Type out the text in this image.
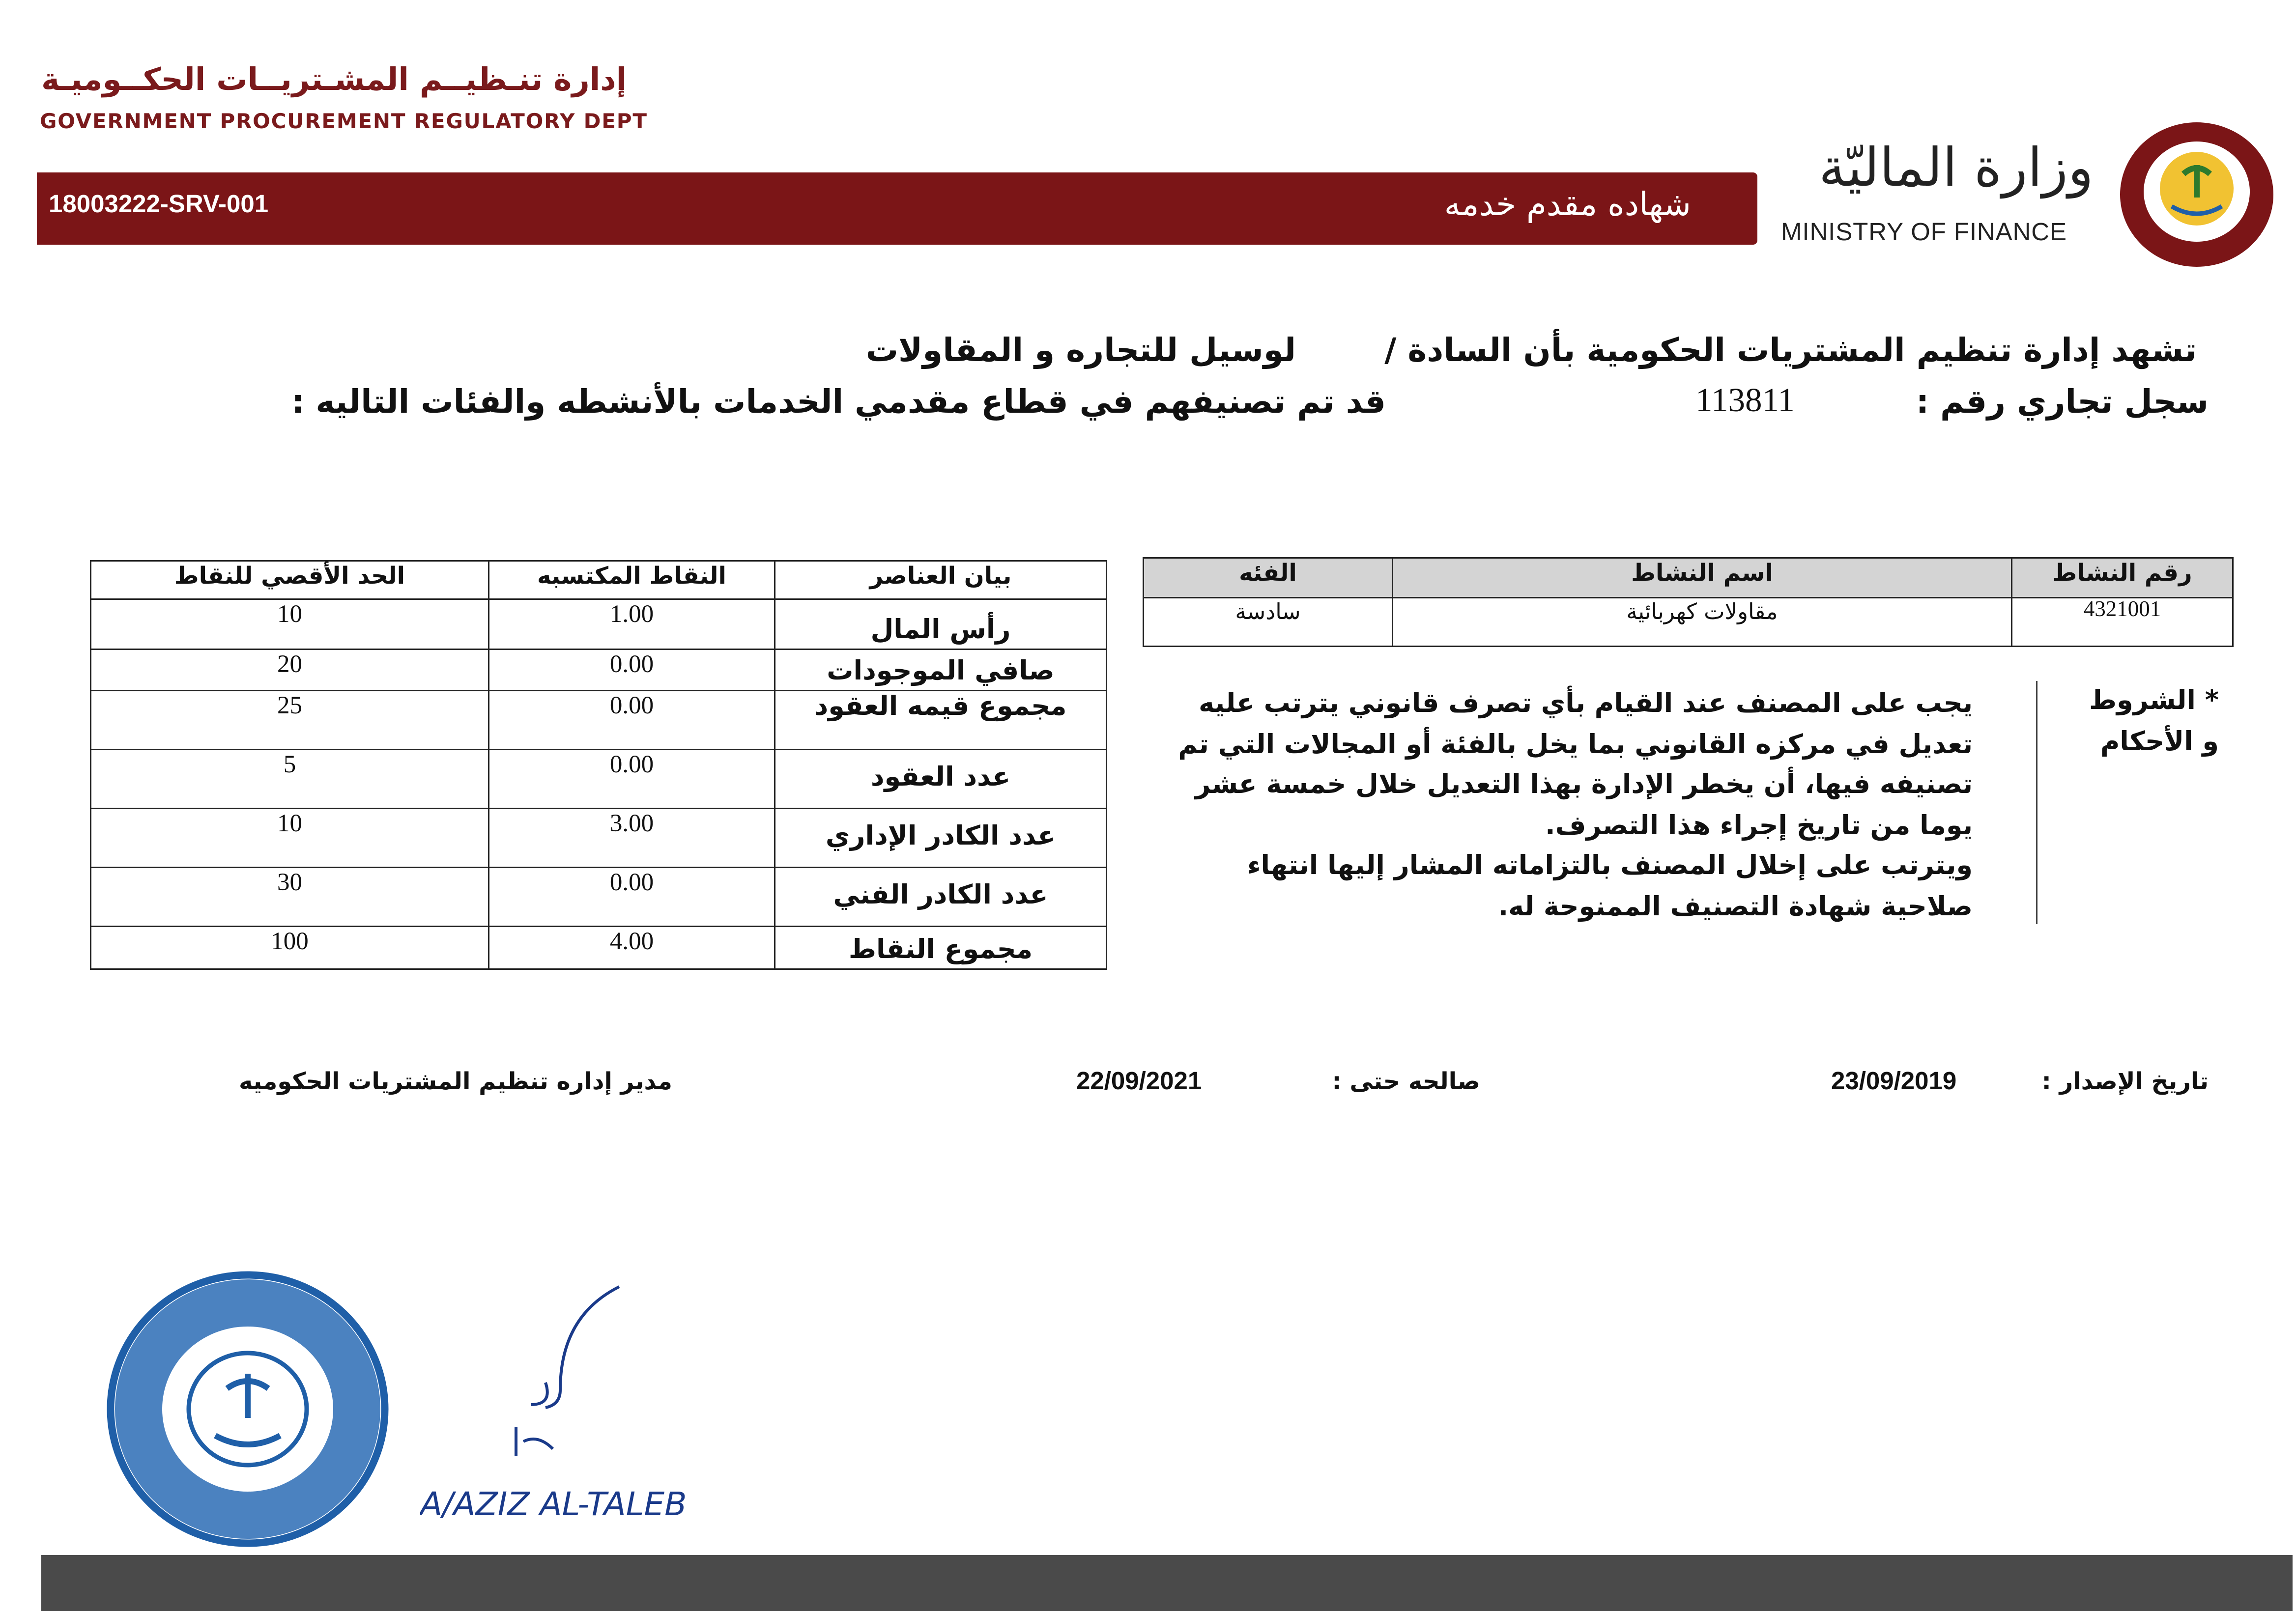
إدارة تنـظيــم المشـتريــات الحكــوميـة
GOVERNMENT PROCUREMENT REGULATORY DEPT
18003222-SRV-001	شهاده مقدم خدمه
وزارة الماليّة
MINISTRY OF FINANCE
تشهد إدارة تنظيم المشتريات الحكومية بأن السادة /
لوسيل للتجاره و المقاولات
سجل تجاري رقم :
113811
قد تم تصنيفهم في قطاع مقدمي الخدمات بالأنشطه والفئات التاليه :
الحد الأقصي للنقاط	النقاط المكتسبه	بيان العناصر
10	1.00	رأس المال
20	0.00	صافي الموجودات
25	0.00	مجموع قيمه العقود
5	0.00	عدد العقود
10	3.00	عدد الكادر الإداري
30	0.00	عدد الكادر الفني
100	4.00	مجموع النقاط
الفئه	اسم النشاط	رقم النشاط
سادسة	مقاولات كهربائية	4321001
* الشروط
و الأحكام
يجب على المصنف عند القيام بأي تصرف قانوني يترتب عليه تعديل في مركزه القانوني بما يخل بالفئة أو المجالات التي تم تصنيفه فيها، أن يخطر الإدارة بهذا التعديل خلال خمسة عشر يوما من تاريخ إجراء هذا التصرف.
ويترتب على إخلال المصنف بالتزاماته المشار إليها انتهاء صلاحية شهادة التصنيف الممنوحة له.
تاريخ الإصدار :
23/09/2019
صالحه حتى :
22/09/2021
مدير إداره تنظيم المشتريات الحكوميه
A/AZIZ AL-TALEB
